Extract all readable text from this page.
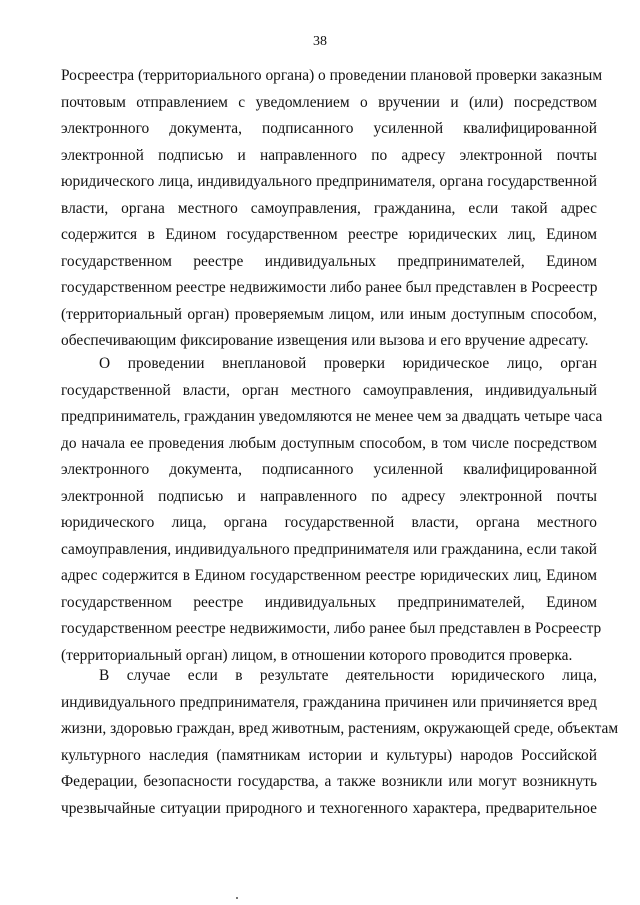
38
Росреестра (территориального органа) о проведении плановой проверки заказным
почтовым отправлением с уведомлением о вручении и (или) посредством
электронного документа, подписанного усиленной квалифицированной
электронной подписью и направленного по адресу электронной почты
юридического лица, индивидуального предпринимателя, органа государственной
власти, органа местного самоуправления, гражданина, если такой адрес
содержится в Едином государственном реестре юридических лиц, Едином
государственном реестре индивидуальных предпринимателей, Едином
государственном реестре недвижимости либо ранее был представлен в Росреестр
(территориальный орган) проверяемым лицом, или иным доступным способом,
обеспечивающим фиксирование извещения или вызова и его вручение адресату.
О проведении внеплановой проверки юридическое лицо, орган
государственной власти, орган местного самоуправления, индивидуальный
предприниматель, гражданин уведомляются не менее чем за двадцать четыре часа
до начала ее проведения любым доступным способом, в том числе посредством
электронного документа, подписанного усиленной квалифицированной
электронной подписью и направленного по адресу электронной почты
юридического лица, органа государственной власти, органа местного
самоуправления, индивидуального предпринимателя или гражданина, если такой
адрес содержится в Едином государственном реестре юридических лиц, Едином
государственном реестре индивидуальных предпринимателей, Едином
государственном реестре недвижимости, либо ранее был представлен в Росреестр
(территориальный орган) лицом, в отношении которого проводится проверка.
В случае если в результате деятельности юридического лица,
индивидуального предпринимателя, гражданина причинен или причиняется вред
жизни, здоровью граждан, вред животным, растениям, окружающей среде, объектам
культурного наследия (памятникам истории и культуры) народов Российской
Федерации, безопасности государства, а также возникли или могут возникнуть
чрезвычайные ситуации природного и техногенного характера, предварительное
